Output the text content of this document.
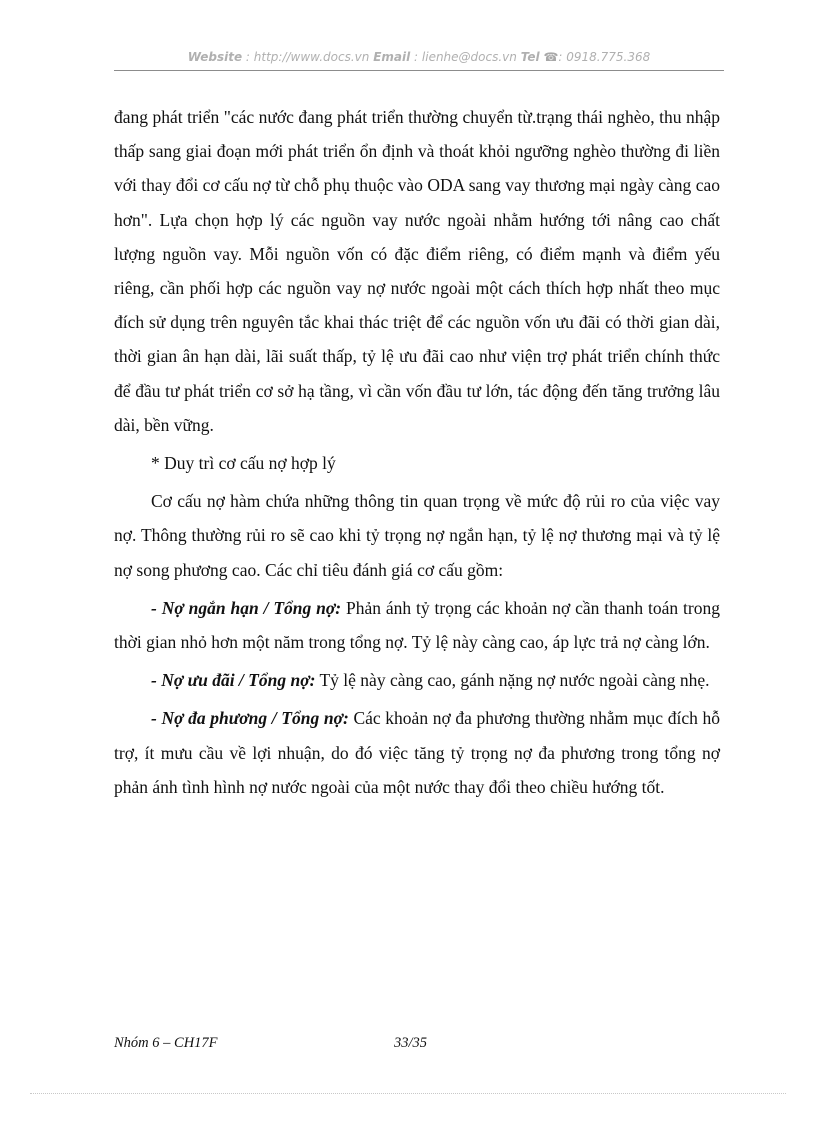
Website : http://www.docs.vn Email : lienhe@docs.vn Tel ☎: 0918.775.368

đang phát triển "các nước đang phát triển thường chuyển từ.trạng thái nghèo, thu nhập thấp sang giai đoạn mới phát triển ổn định và thoát khỏi ngưỡng nghèo thường đi liền với thay đổi cơ cấu nợ từ chỗ phụ thuộc vào ODA sang vay thương mại ngày càng cao hơn". Lựa chọn hợp lý các nguồn vay nước ngoài nhằm hướng tới nâng cao chất lượng nguồn vay. Mỗi nguồn vốn có đặc điểm riêng, có điểm mạnh và điểm yếu riêng, cần phối hợp các nguồn vay nợ nước ngoài một cách thích hợp nhất theo mục đích sử dụng trên nguyên tắc khai thác triệt để các nguồn vốn ưu đãi có thời gian dài, thời gian ân hạn dài, lãi suất thấp, tỷ lệ ưu đãi cao như viện trợ phát triển chính thức để đầu tư phát triển cơ sở hạ tầng, vì cần vốn đầu tư lớn, tác động đến tăng trưởng lâu dài, bền vững.

* Duy trì cơ cấu nợ hợp lý

Cơ cấu nợ hàm chứa những thông tin quan trọng về mức độ rủi ro của việc vay nợ. Thông thường rủi ro sẽ cao khi tỷ trọng nợ ngắn hạn, tỷ lệ nợ thương mại và tỷ lệ nợ song phương cao. Các chỉ tiêu đánh giá cơ cấu gồm:

- Nợ ngắn hạn / Tổng nợ: Phản ánh tỷ trọng các khoản nợ cần thanh toán trong thời gian nhỏ hơn một năm trong tổng nợ. Tỷ lệ này càng cao, áp lực trả nợ càng lớn.

- Nợ ưu đãi / Tổng nợ: Tỷ lệ này càng cao, gánh nặng nợ nước ngoài càng nhẹ.

- Nợ đa phương / Tổng nợ: Các khoản nợ đa phương thường nhằm mục đích hỗ trợ, ít mưu cầu về lợi nhuận, do đó việc tăng tỷ trọng nợ đa phương trong tổng nợ phản ánh tình hình nợ nước ngoài của một nước thay đổi theo chiều hướng tốt.

Nhóm 6 – CH17F	33/35
